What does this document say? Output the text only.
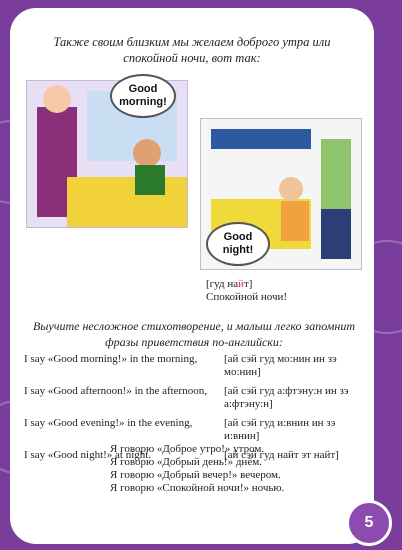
Также своим близким мы желаем доброго утра или спокойной ночи, вот так:
Good morning!
Good night!
[гуд найт]
Спокойной ночи!
Выучите несложное стихотворение, и малыш легко запомнит фразы приветствия по-английски:
I say «Good morning!» in the morning,	[ай сэй гуд мо:нин ин зэ мо:нин]
I say «Good afternoon!» in the afternoon,	[ай сэй гуд а:фтэну:н ин зэ а:фтэну:н]
I say «Good evening!» in the evening,	[ай сэй гуд и:внин ин зэ и:внин]
I say «Good night!» at night.	[ай сэй гуд найт эт найт]
Я говорю «Доброе утро!» утром.
Я говорю «Добрый день!» днём.
Я говорю «Добрый вечер!» вечером.
Я говорю «Спокойной ночи!» ночью.
5
